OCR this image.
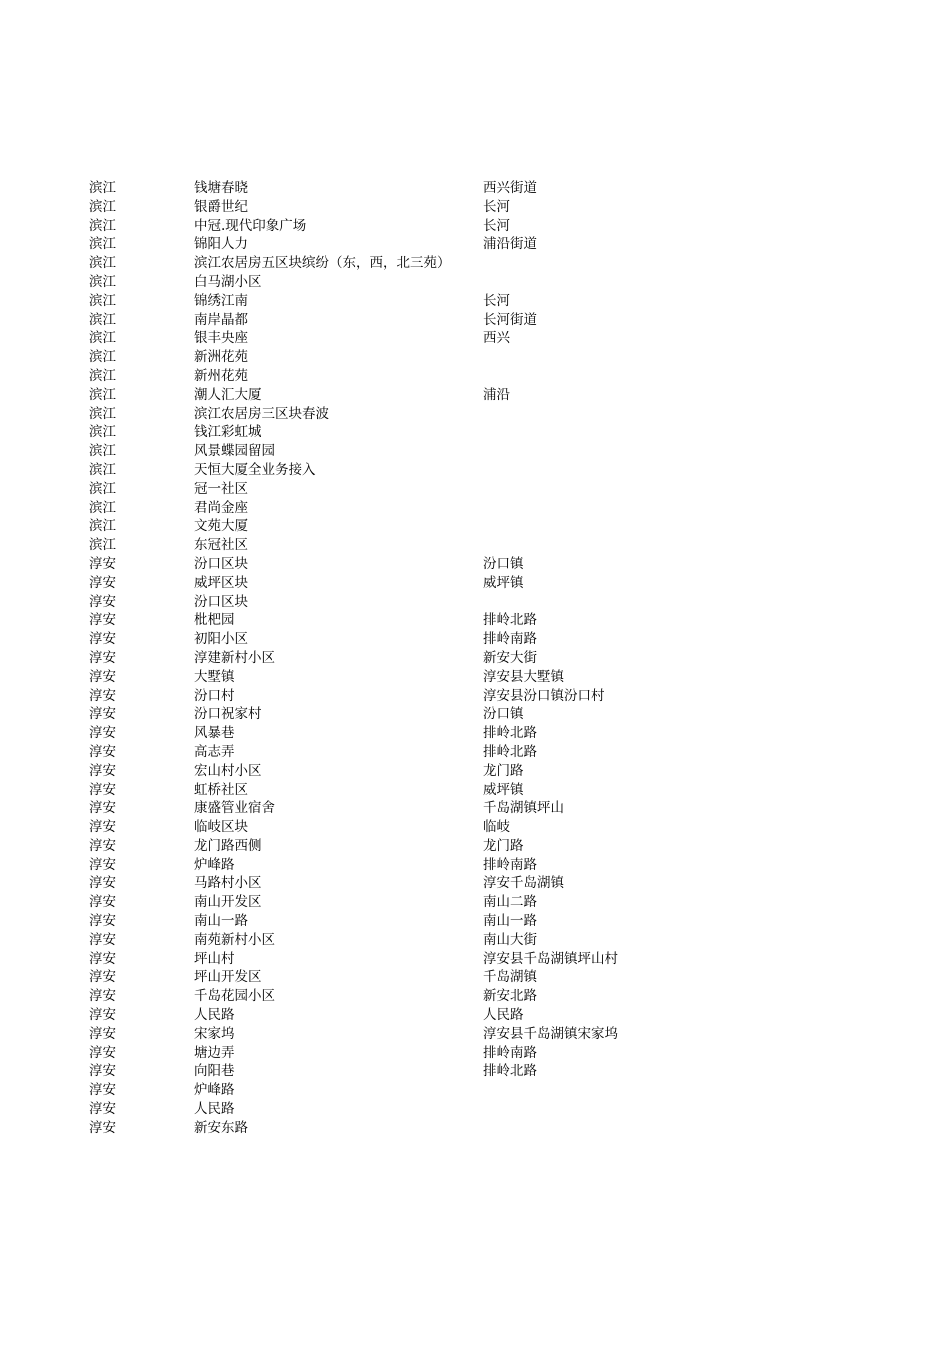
滨江	钱塘春晓	西兴街道
滨江	银爵世纪	长河
滨江	中冠.现代印象广场	长河
滨江	锦阳人力	浦沿街道
滨江	滨江农居房五区块缤纷（东，西，北三苑）
滨江	白马湖小区
滨江	锦绣江南	长河
滨江	南岸晶都	长河街道
滨江	银丰央座	西兴
滨江	新洲花苑
滨江	新州花苑
滨江	潮人汇大厦	浦沿
滨江	滨江农居房三区块春波
滨江	钱江彩虹城
滨江	风景蝶园留园
滨江	天恒大厦全业务接入
滨江	冠一社区
滨江	君尚金座
滨江	文苑大厦
滨江	东冠社区
淳安	汾口区块	汾口镇
淳安	威坪区块	威坪镇
淳安	汾口区块
淳安	枇杷园	排岭北路
淳安	初阳小区	排岭南路
淳安	淳建新村小区	新安大街
淳安	大墅镇	淳安县大墅镇
淳安	汾口村	淳安县汾口镇汾口村
淳安	汾口祝家村	汾口镇
淳安	风暴巷	排岭北路
淳安	高志弄	排岭北路
淳安	宏山村小区	龙门路
淳安	虹桥社区	威坪镇
淳安	康盛管业宿舍	千岛湖镇坪山
淳安	临岐区块	临岐
淳安	龙门路西侧	龙门路
淳安	炉峰路	排岭南路
淳安	马路村小区	淳安千岛湖镇
淳安	南山开发区	南山二路
淳安	南山一路	南山一路
淳安	南苑新村小区	南山大街
淳安	坪山村	淳安县千岛湖镇坪山村
淳安	坪山开发区	千岛湖镇
淳安	千岛花园小区	新安北路
淳安	人民路	人民路
淳安	宋家坞	淳安县千岛湖镇宋家坞
淳安	塘边弄	排岭南路
淳安	向阳巷	排岭北路
淳安	炉峰路
淳安	人民路
淳安	新安东路
